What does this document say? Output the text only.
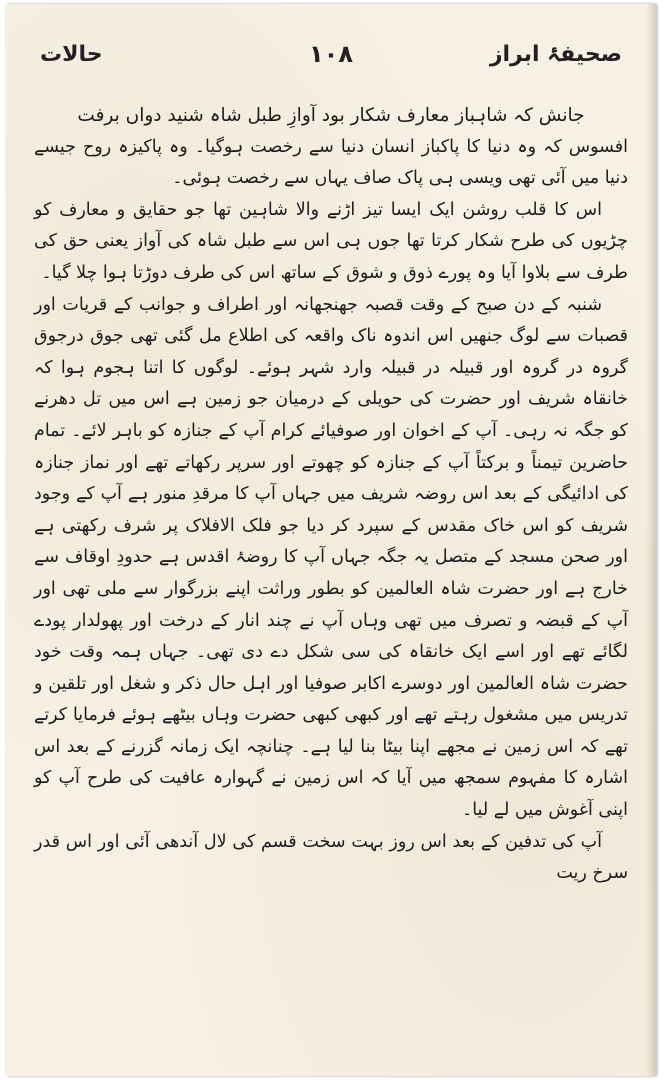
صحیفۂ ابراز
۱۰۸
حالات

جانش کہ شاہباز معارف شکار بود آوازِ طبل شاہ شنید دواں برفت

افسوس کہ وہ دنیا کا پاکباز انسان دنیا سے رخصت ہوگیا۔ وہ پاکیزہ روح جیسے دنیا میں آئی تھی ویسی ہی پاک صاف یہاں سے رخصت ہوئی۔

اس کا قلب روشن ایک ایسا تیز اڑنے والا شاہین تھا جو حقایق و معارف کو چڑیوں کی طرح شکار کرتا تھا جوں ہی اس سے طبل شاہ کی آواز یعنی حق کی طرف سے بلاوا آیا وہ پورے ذوق و شوق کے ساتھ اس کی طرف دوڑتا ہوا چلا گیا۔

شنبہ کے دن صبح کے وقت قصبہ جھنجھانہ اور اطراف و جوانب کے قریات اور قصبات سے لوگ جنھیں اس اندوہ ناک واقعہ کی اطلاع مل گئی تھی جوق درجوق گروہ در گروہ اور قبیلہ در قبیلہ وارد شہر ہوئے۔ لوگوں کا اتنا ہجوم ہوا کہ خانقاہ شریف اور حضرت کی حویلی کے درمیان جو زمین ہے اس میں تل دھرنے کو جگہ نہ رہی۔ آپ کے اخوان اور صوفیائے کرام آپ کے جنازہ کو باہر لائے۔ تمام حاضرین تیمناً و برکتاً آپ کے جنازہ کو چھوتے اور سرپر رکھاتے تھے اور نماز جنازہ کی ادائیگی کے بعد اس روضہ شریف میں جہاں آپ کا مرقدِ منور ہے آپ کے وجود شریف کو اس خاک مقدس کے سپرد کر دیا جو فلک الافلاک پر شرف رکھتی ہے اور صحن مسجد کے متصل یہ جگہ جہاں آپ کا روضۂ اقدس ہے حدودِ اوقاف سے خارج ہے اور حضرت شاہ العالمین کو بطور وراثت اپنے بزرگوار سے ملی تھی اور آپ کے قبضہ و تصرف میں تھی وہاں آپ نے چند انار کے درخت اور پھولدار پودے لگائے تھے اور اسے ایک خانقاہ کی سی شکل دے دی تھی۔ جہاں ہمہ وقت خود حضرت شاہ العالمین اور دوسرے اکابر صوفیا اور اہل حال ذکر و شغل اور تلقین و تدریس میں مشغول رہتے تھے اور کبھی کبھی حضرت وہاں بیٹھے ہوئے فرمایا کرتے تھے کہ اس زمین نے مجھے اپنا بیٹا بنا لیا ہے۔ چنانچہ ایک زمانہ گزرنے کے بعد اس اشارہ کا مفہوم سمجھ میں آیا کہ اس زمین نے گہوارہ عافیت کی طرح آپ کو اپنی آغوش میں لے لیا۔

آپ کی تدفین کے بعد اس روز بہت سخت قسم کی لال آندھی آئی اور اس قدر سرخ ریت
